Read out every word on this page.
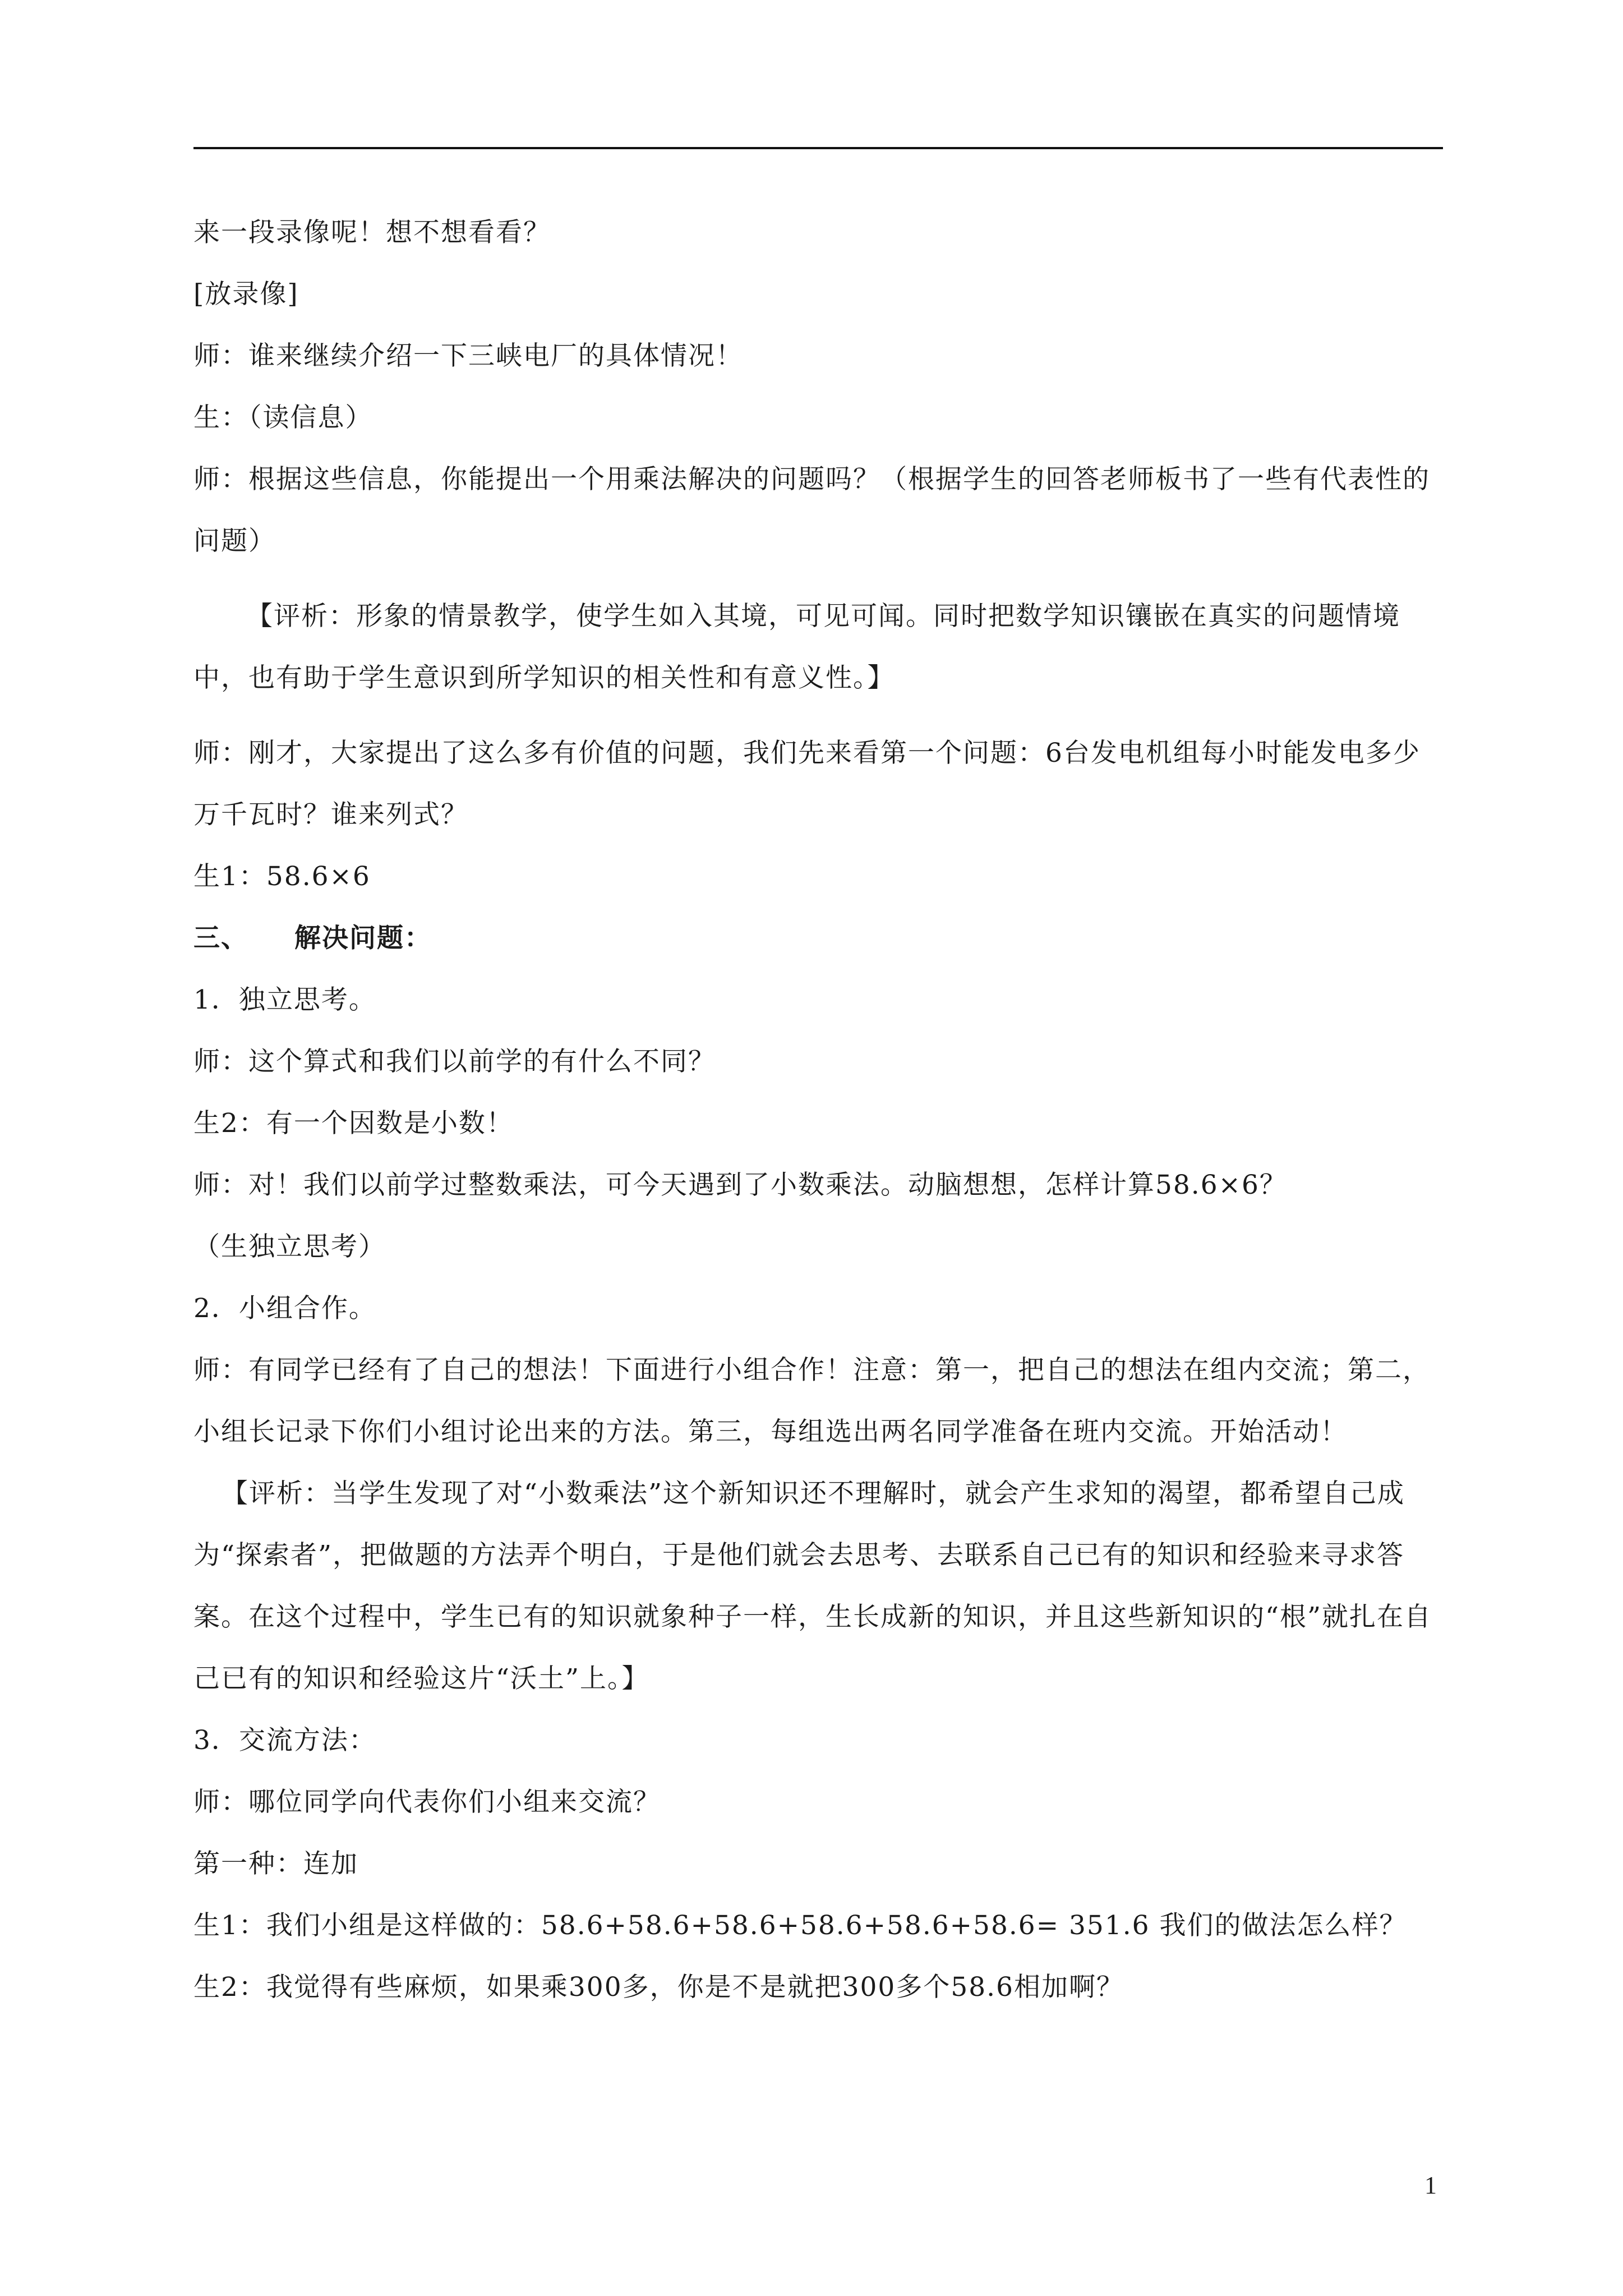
来一段录像呢！想不想看看？

[放录像]

师：谁来继续介绍一下三峡电厂的具体情况！

生：（读信息）

师：根据这些信息，你能提出一个用乘法解决的问题吗？（根据学生的回答老师板书了一些有代表性的问题）

【评析：形象的情景教学，使学生如入其境，可见可闻。同时把数学知识镶嵌在真实的问题情境中，也有助于学生意识到所学知识的相关性和有意义性。】

师：刚才，大家提出了这么多有价值的问题，我们先来看第一个问题：6台发电机组每小时能发电多少万千瓦时？谁来列式？

生1：58.6×6

三、 解决问题：

1．独立思考。

师：这个算式和我们以前学的有什么不同？

生2：有一个因数是小数！

师：对！我们以前学过整数乘法，可今天遇到了小数乘法。动脑想想，怎样计算58.6×6？

（生独立思考）

2．小组合作。

师：有同学已经有了自己的想法！下面进行小组合作！注意：第一，把自己的想法在组内交流；第二，小组长记录下你们小组讨论出来的方法。第三，每组选出两名同学准备在班内交流。开始活动！

【评析：当学生发现了对“小数乘法”这个新知识还不理解时，就会产生求知的渴望，都希望自己成为“探索者”，把做题的方法弄个明白，于是他们就会去思考、去联系自己已有的知识和经验来寻求答案。在这个过程中，学生已有的知识就象种子一样，生长成新的知识，并且这些新知识的“根”就扎在自己已有的知识和经验这片“沃土”上。】

3．交流方法：

师：哪位同学向代表你们小组来交流？

第一种：连加

生1：我们小组是这样做的：58.6+58.6+58.6+58.6+58.6+58.6= 351.6 我们的做法怎么样？

生2：我觉得有些麻烦，如果乘300多，你是不是就把300多个58.6相加啊？

1
